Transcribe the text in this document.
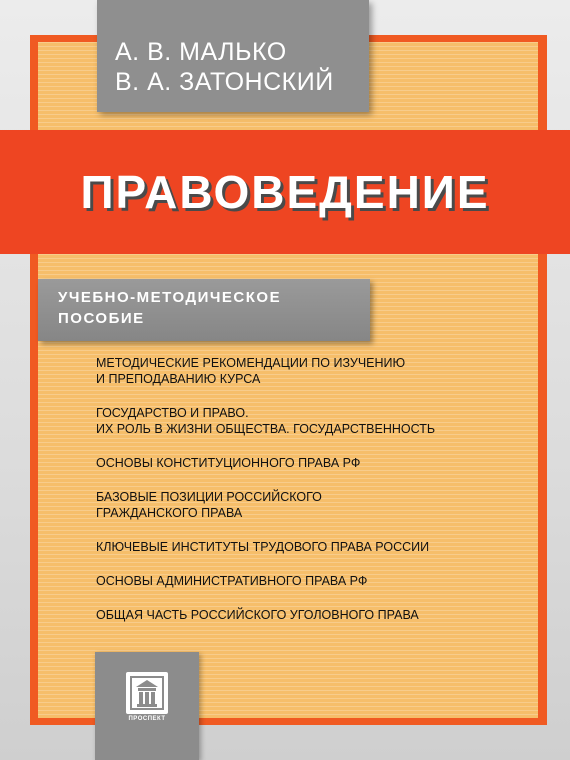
А. В. МАЛЬКО
В. А. ЗАТОНСКИЙ
ПРАВОВЕДЕНИЕ
УЧЕБНО-МЕТОДИЧЕСКОЕ
ПОСОБИЕ
МЕТОДИЧЕСКИЕ РЕКОМЕНДАЦИИ ПО ИЗУЧЕНИЮ
И ПРЕПОДАВАНИЮ КУРСА
ГОСУДАРСТВО И ПРАВО.
ИХ РОЛЬ В ЖИЗНИ ОБЩЕСТВА. ГОСУДАРСТВЕННОСТЬ
ОСНОВЫ КОНСТИТУЦИОННОГО ПРАВА РФ
БАЗОВЫЕ ПОЗИЦИИ РОССИЙСКОГО
ГРАЖДАНСКОГО ПРАВА
КЛЮЧЕВЫЕ ИНСТИТУТЫ ТРУДОВОГО ПРАВА РОССИИ
ОСНОВЫ АДМИНИСТРАТИВНОГО ПРАВА РФ
ОБЩАЯ ЧАСТЬ РОССИЙСКОГО УГОЛОВНОГО ПРАВА
ПРОСПЕКТ
